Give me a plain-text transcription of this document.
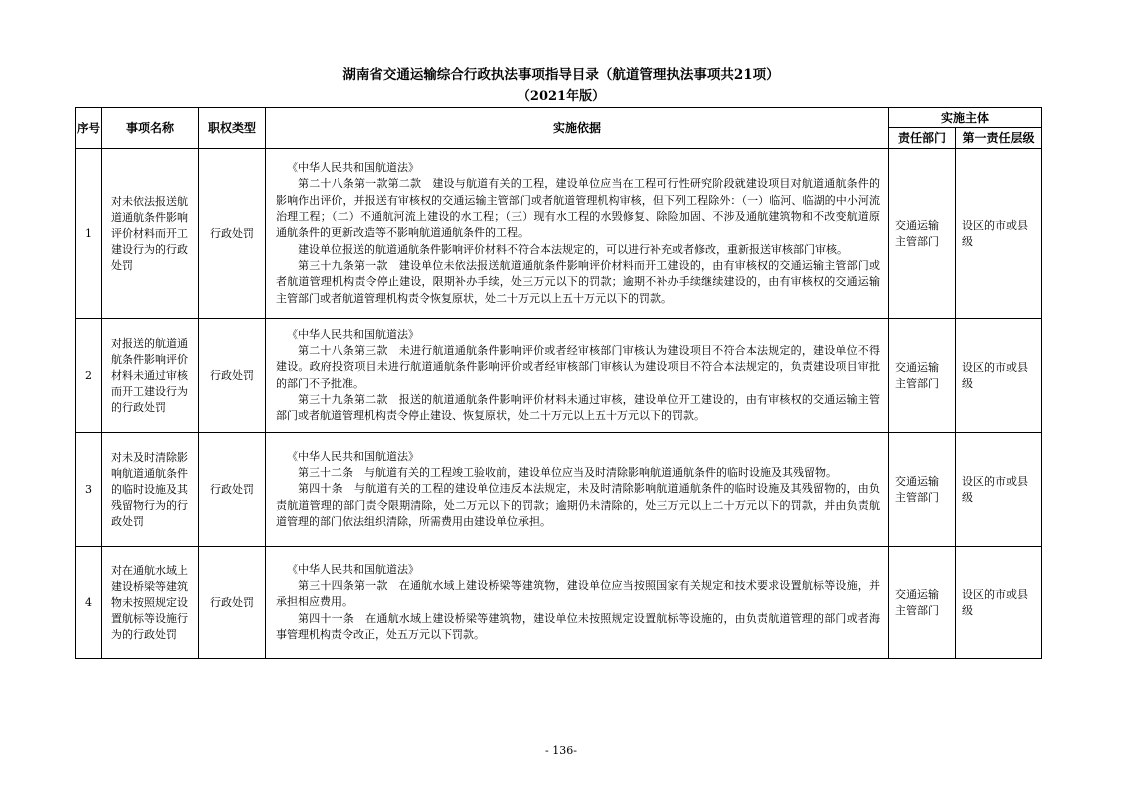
湖南省交通运输综合行政执法事项指导目录（航道管理执法事项共21项）
（2021年版）
序号	事项名称	职权类型	实施依据	实施主体	
				责任部门	第一责任层级
1	对未依法报送航道通航条件影响评价材料而开工建设行为的行政处罚	行政处罚	《中华人民共和国航道法》

第二十八条第一款第二款　建设与航道有关的工程，建设单位应当在工程可行性研究阶段就建设项目对航道通航条件的影响作出评价，并报送有审核权的交通运输主管部门或者航道管理机构审核，但下列工程除外：（一）临河、临湖的中小河流治理工程；（二）不通航河流上建设的水工程；（三）现有水工程的水毁修复、除险加固、不涉及通航建筑物和不改变航道原通航条件的更新改造等不影响航道通航条件的工程。

建设单位报送的航道通航条件影响评价材料不符合本法规定的，可以进行补充或者修改，重新报送审核部门审核。

第三十九条第一款　建设单位未依法报送航道通航条件影响评价材料而开工建设的，由有审核权的交通运输主管部门或者航道管理机构责令停止建设，限期补办手续，处三万元以下的罚款；逾期不补办手续继续建设的，由有审核权的交通运输主管部门或者航道管理机构责令恢复原状，处二十万元以上五十万元以下的罚款。	交通运输主管部门	设区的市或县级
2	对报送的航道通航条件影响评价材料未通过审核而开工建设行为的行政处罚	行政处罚	《中华人民共和国航道法》

第二十八条第三款　未进行航道通航条件影响评价或者经审核部门审核认为建设项目不符合本法规定的，建设单位不得建设。政府投资项目未进行航道通航条件影响评价或者经审核部门审核认为建设项目不符合本法规定的，负责建设项目审批的部门不予批准。

第三十九条第二款　报送的航道通航条件影响评价材料未通过审核，建设单位开工建设的，由有审核权的交通运输主管部门或者航道管理机构责令停止建设、恢复原状，处二十万元以上五十万元以下的罚款。	交通运输主管部门	设区的市或县级
3	对未及时清除影响航道通航条件的临时设施及其残留物行为的行政处罚	行政处罚	《中华人民共和国航道法》

第三十二条　与航道有关的工程竣工验收前，建设单位应当及时清除影响航道通航条件的临时设施及其残留物。

第四十条　与航道有关的工程的建设单位违反本法规定，未及时清除影响航道通航条件的临时设施及其残留物的，由负责航道管理的部门责令限期清除，处二万元以下的罚款；逾期仍未清除的，处三万元以上二十万元以下的罚款，并由负责航道管理的部门依法组织清除，所需费用由建设单位承担。	交通运输主管部门	设区的市或县级
4	对在通航水域上建设桥梁等建筑物未按照规定设置航标等设施行为的行政处罚	行政处罚	《中华人民共和国航道法》

第三十四条第一款　在通航水域上建设桥梁等建筑物，建设单位应当按照国家有关规定和技术要求设置航标等设施，并承担相应费用。

第四十一条　在通航水域上建设桥梁等建筑物，建设单位未按照规定设置航标等设施的，由负责航道管理的部门或者海事管理机构责令改正，处五万元以下罚款。	交通运输主管部门	设区的市或县级
- 136-
